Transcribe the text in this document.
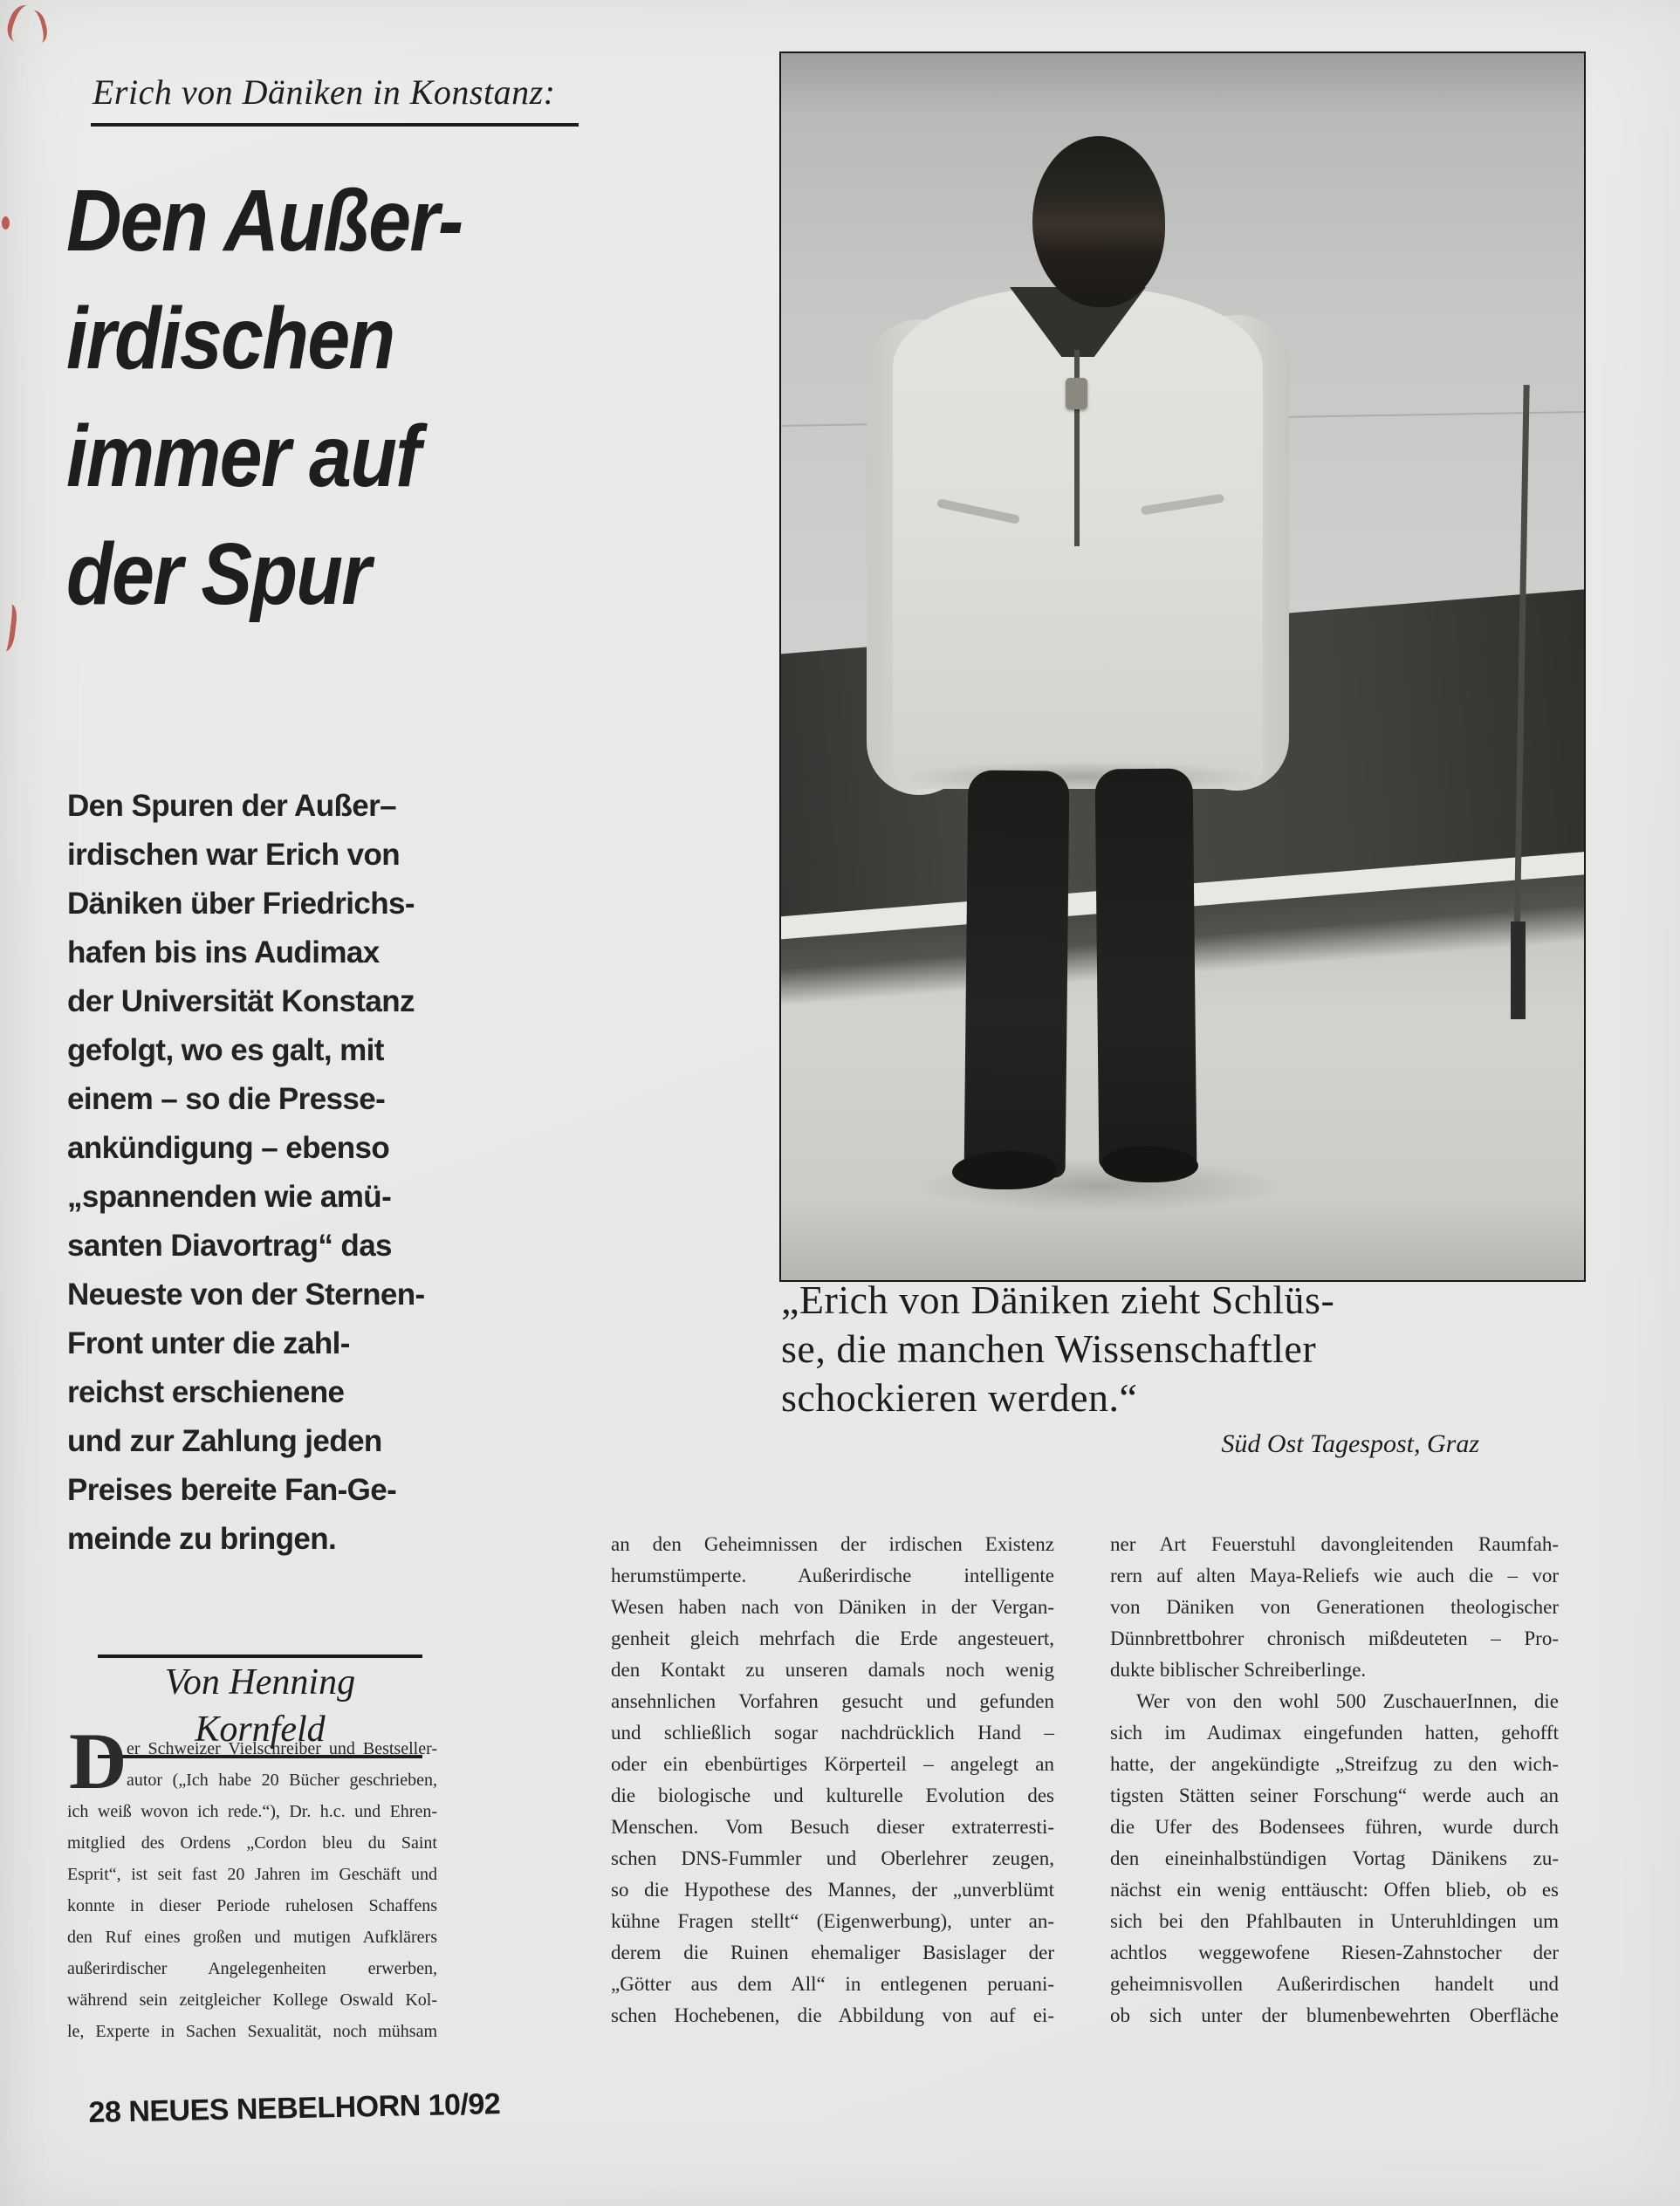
Erich von Däniken in Konstanz:
Den Außer-
irdischen
immer auf
der Spur
Den Spuren der Außer–
irdischen war Erich von
Däniken über Friedrichs-
hafen bis ins Audimax
der Universität Konstanz
gefolgt, wo es galt, mit
einem – so die Presse-
ankündigung – ebenso
„spannenden wie amü-
santen Diavortrag“ das
Neueste von der Sternen-
Front unter die zahl-
reichst erschienene
und zur Zahlung jeden
Preises bereite Fan-Ge-
meinde zu bringen.
Von Henning Kornfeld
D er Schweizer Vielschreiber und Bestseller-
autor („Ich habe 20 Bücher geschrieben,
ich weiß wovon ich rede.“), Dr. h.c. und Ehren-
mitglied des Ordens „Cordon bleu du Saint
Esprit“, ist seit fast 20 Jahren im Geschäft und
konnte in dieser Periode ruhelosen Schaffens
den Ruf eines großen und mutigen Aufklärers
außerirdischer Angelegenheiten erwerben,
während sein zeitgleicher Kollege Oswald Kol-
le, Experte in Sachen Sexualität, noch mühsam
„Erich von Däniken zieht Schlüs-
se, die manchen Wissenschaftler
schockieren werden.“
Süd Ost Tagespost, Graz
an den Geheimnissen der irdischen Existenz
herumstümperte. Außerirdische intelligente
Wesen haben nach von Däniken in der Vergan-
genheit gleich mehrfach die Erde angesteuert,
den Kontakt zu unseren damals noch wenig
ansehnlichen Vorfahren gesucht und gefunden
und schließlich sogar nachdrücklich Hand –
oder ein ebenbürtiges Körperteil – angelegt an
die biologische und kulturelle Evolution des
Menschen. Vom Besuch dieser extraterresti-
schen DNS-Fummler und Oberlehrer zeugen,
so die Hypothese des Mannes, der „unverblümt
kühne Fragen stellt“ (Eigenwerbung), unter an-
derem die Ruinen ehemaliger Basislager der
„Götter aus dem All“ in entlegenen peruani-
schen Hochebenen, die Abbildung von auf ei-
ner Art Feuerstuhl davongleitenden Raumfah-
rern auf alten Maya-Reliefs wie auch die – vor
von Däniken von Generationen theologischer
Dünnbrettbohrer chronisch mißdeuteten – Pro-
dukte biblischer Schreiberlinge.
Wer von den wohl 500 ZuschauerInnen, die
sich im Audimax eingefunden hatten, gehofft
hatte, der angekündigte „Streifzug zu den wich-
tigsten Stätten seiner Forschung“ werde auch an
die Ufer des Bodensees führen, wurde durch
den eineinhalbstündigen Vortag Dänikens zu-
nächst ein wenig enttäuscht: Offen blieb, ob es
sich bei den Pfahlbauten in Unteruhldingen um
achtlos weggewofene Riesen-Zahnstocher der
geheimnisvollen Außerirdischen handelt und
ob sich unter der blumenbewehrten Oberfläche
28 NEUES NEBELHORN 10/92
